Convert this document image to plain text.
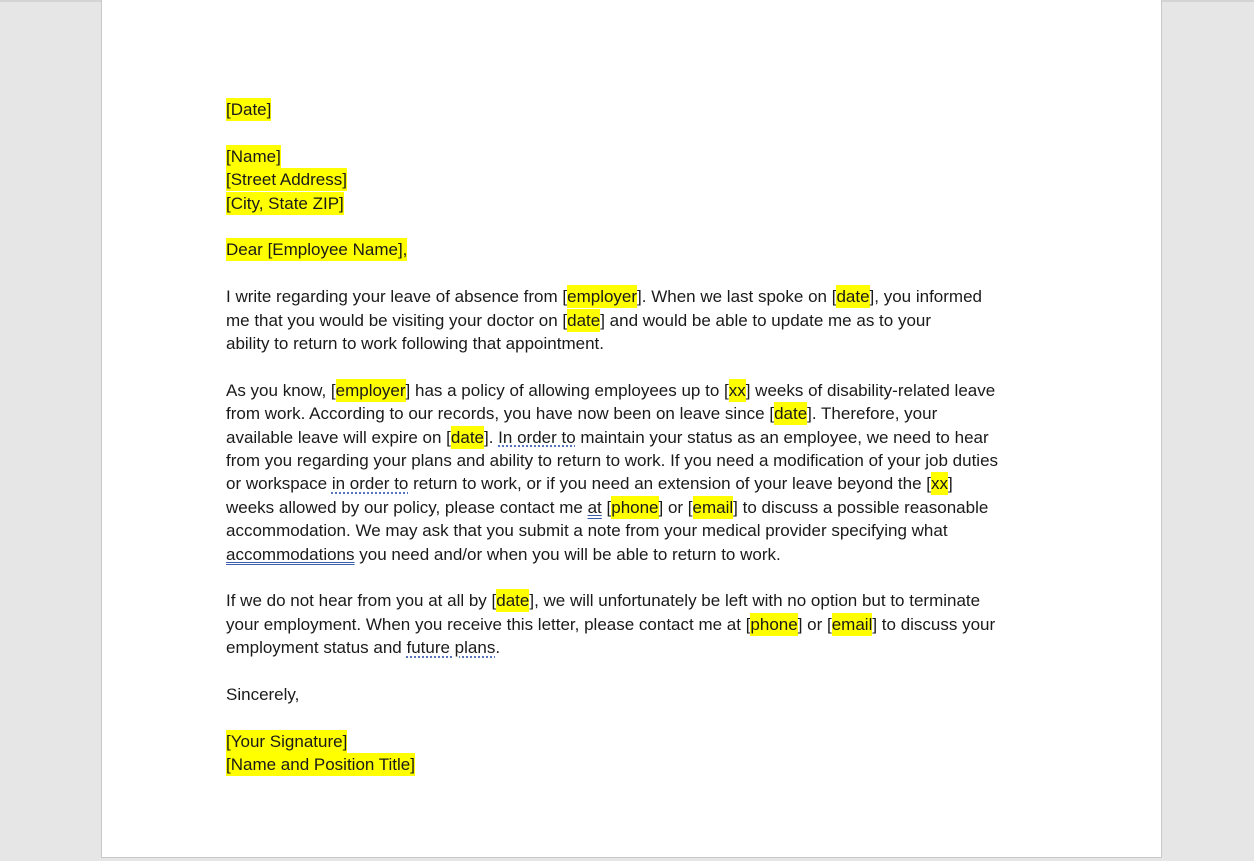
[Date]

[Name]
[Street Address]
[City, State ZIP]

Dear [Employee Name],

I write regarding your leave of absence from [employer]. When we last spoke on [date], you informed
me that you would be visiting your doctor on [date] and would be able to update me as to your
ability to return to work following that appointment.

As you know, [employer] has a policy of allowing employees up to [xx] weeks of disability-related leave
from work. According to our records, you have now been on leave since [date]. Therefore, your
available leave will expire on [date]. In order to maintain your status as an employee, we need to hear
from you regarding your plans and ability to return to work. If you need a modification of your job duties
or workspace in order to return to work, or if you need an extension of your leave beyond the [xx]
weeks allowed by our policy, please contact me at [phone] or [email] to discuss a possible reasonable
accommodation. We may ask that you submit a note from your medical provider specifying what
accommodations you need and/or when you will be able to return to work.

If we do not hear from you at all by [date], we will unfortunately be left with no option but to terminate
your employment. When you receive this letter, please contact me at [phone] or [email] to discuss your
employment status and future plans.

Sincerely,

[Your Signature]
[Name and Position Title]
